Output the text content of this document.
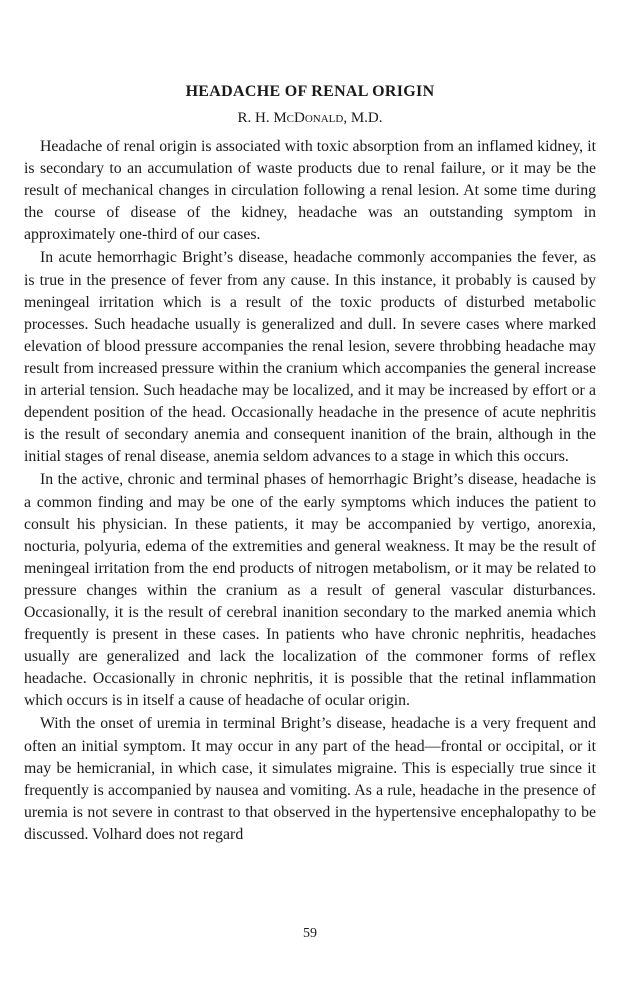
HEADACHE OF RENAL ORIGIN
R. H. McDonald, M.D.

Headache of renal origin is associated with toxic absorption from an inflamed kidney, it is secondary to an accumulation of waste products due to renal failure, or it may be the result of mechanical changes in circulation following a renal lesion. At some time during the course of disease of the kidney, headache was an outstanding symptom in approximately one-third of our cases.

In acute hemorrhagic Bright’s disease, headache commonly accompanies the fever, as is true in the presence of fever from any cause. In this instance, it probably is caused by meningeal irritation which is a result of the toxic products of disturbed metabolic processes. Such headache usually is generalized and dull. In severe cases where marked elevation of blood pressure accompanies the renal lesion, severe throbbing headache may result from increased pressure within the cranium which accompanies the general increase in arterial tension. Such headache may be localized, and it may be increased by effort or a dependent position of the head. Occasionally headache in the presence of acute nephritis is the result of secondary anemia and consequent inanition of the brain, although in the initial stages of renal disease, anemia seldom advances to a stage in which this occurs.

In the active, chronic and terminal phases of hemorrhagic Bright’s disease, headache is a common finding and may be one of the early symptoms which induces the patient to consult his physician. In these patients, it may be accompanied by vertigo, anorexia, nocturia, polyuria, edema of the extremities and general weakness. It may be the result of meningeal irritation from the end products of nitrogen metabolism, or it may be related to pressure changes within the cranium as a result of general vascular disturbances. Occasionally, it is the result of cerebral inanition secondary to the marked anemia which frequently is present in these cases. In patients who have chronic nephritis, headaches usually are generalized and lack the localization of the commoner forms of reflex headache. Occasionally in chronic nephritis, it is possible that the retinal inflammation which occurs is in itself a cause of headache of ocular origin.

With the onset of uremia in terminal Bright’s disease, headache is a very frequent and often an initial symptom. It may occur in any part of the head—frontal or occipital, or it may be hemicranial, in which case, it simulates migraine. This is especially true since it frequently is accompanied by nausea and vomiting. As a rule, headache in the presence of uremia is not severe in contrast to that observed in the hypertensive encephalopathy to be discussed. Volhard does not regard

59
